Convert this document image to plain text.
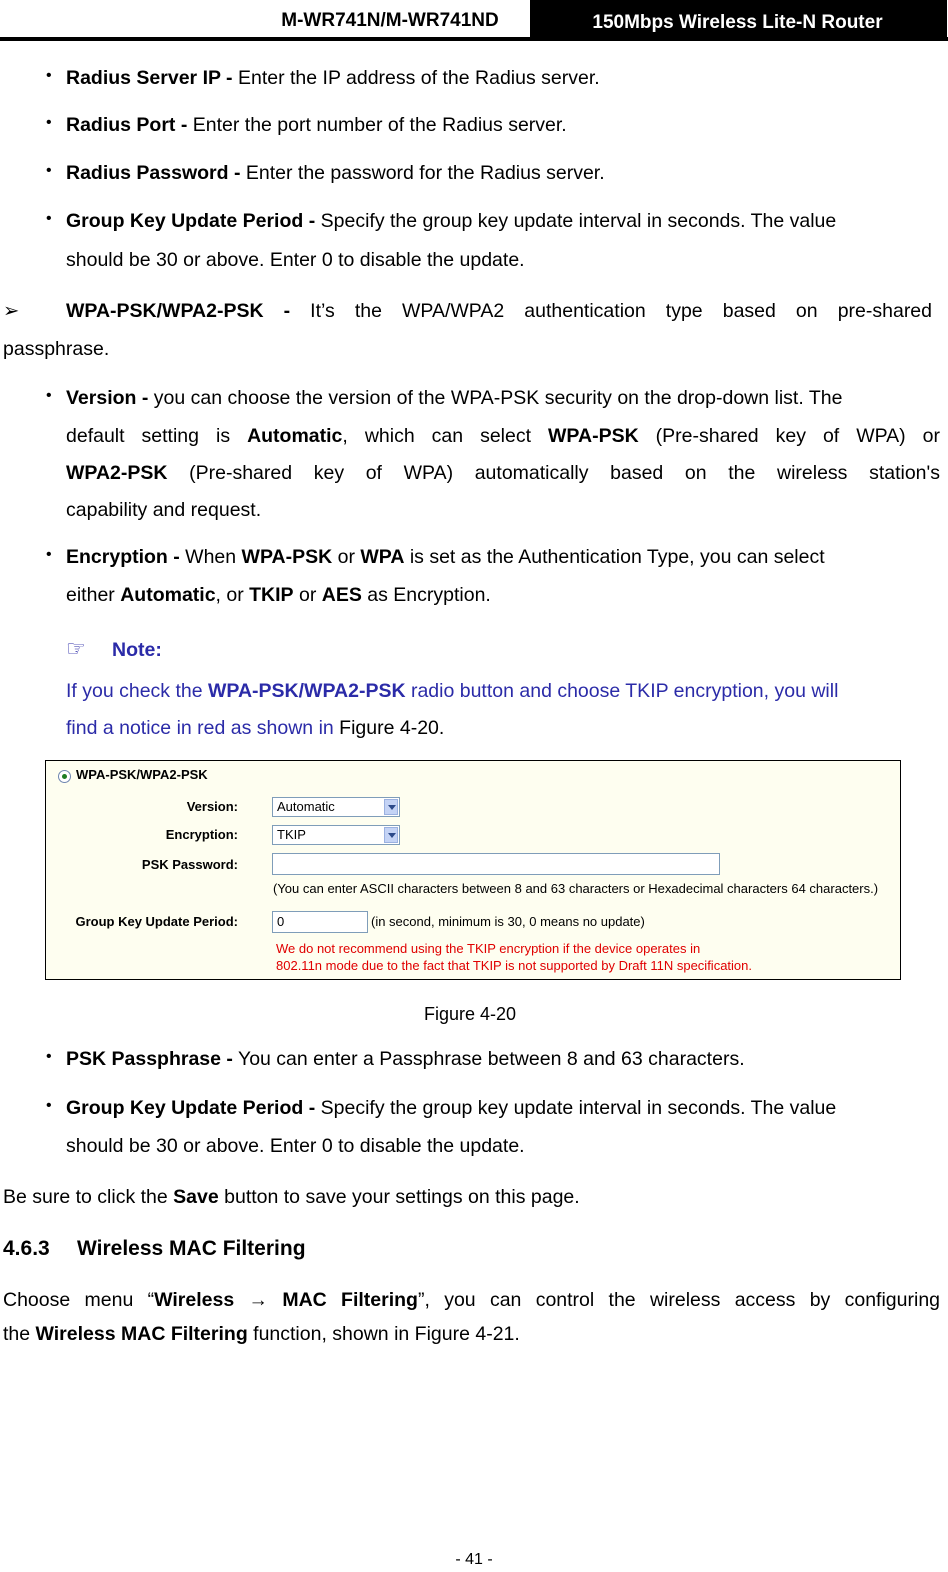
M-WR741N/M-WR741ND	150Mbps Wireless Lite-N Router
• Radius Server IP - Enter the IP address of the Radius server.
• Radius Port - Enter the port number of the Radius server.
• Radius Password - Enter the password for the Radius server.
• Group Key Update Period - Specify the group key update interval in seconds. The value
should be 30 or above. Enter 0 to disable the update.
➢ WPA-PSK/WPA2-PSK - It’s the WPA/WPA2 authentication type based on pre-shared
passphrase.
• Version - you can choose the version of the WPA-PSK security on the drop-down list. The
default setting is Automatic, which can select WPA-PSK (Pre-shared key of WPA) or
WPA2-PSK (Pre-shared key of WPA) automatically based on the wireless station's
capability and request.
• Encryption - When WPA-PSK or WPA is set as the Authentication Type, you can select
either Automatic, or TKIP or AES as Encryption.
☞ Note:
If you check the WPA-PSK/WPA2-PSK radio button and choose TKIP encryption, you will
find a notice in red as shown in Figure 4-20.
WPA-PSK/WPA2-PSK
Version:	Automatic
Encryption:	TKIP
PSK Password:
(You can enter ASCII characters between 8 and 63 characters or Hexadecimal characters 64 characters.)
Group Key Update Period:	0	(in second, minimum is 30, 0 means no update)
We do not recommend using the TKIP encryption if the device operates in
802.11n mode due to the fact that TKIP is not supported by Draft 11N specification.
Figure 4-20
• PSK Passphrase - You can enter a Passphrase between 8 and 63 characters.
• Group Key Update Period - Specify the group key update interval in seconds. The value
should be 30 or above. Enter 0 to disable the update.
Be sure to click the Save button to save your settings on this page.
4.6.3 Wireless MAC Filtering
Choose menu “Wireless → MAC Filtering”, you can control the wireless access by configuring
the Wireless MAC Filtering function, shown in Figure 4-21.
- 41 -
